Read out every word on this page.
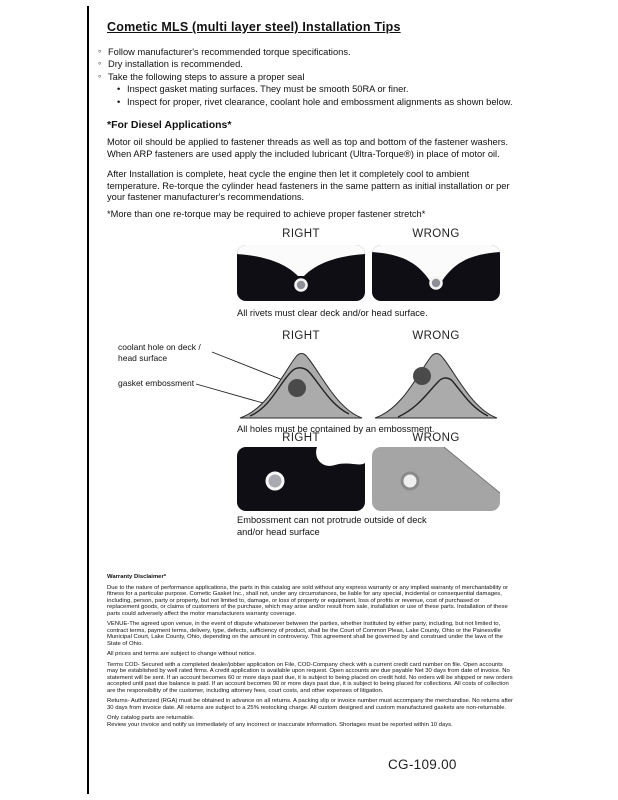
Cometic MLS (multi layer steel) Installation Tips
◦ Follow manufacturer's recommended torque specifications.
◦ Dry installation is recommended.
◦ Take the following steps to assure a proper seal
• Inspect gasket mating surfaces. They must be smooth 50RA or finer.
• Inspect for proper, rivet clearance, coolant hole and embossment alignments as shown below.
*For Diesel Applications*
Motor oil should be applied to fastener threads as well as top and bottom of the fastener washers. When ARP fasteners are used apply the included lubricant (Ultra-Torque®) in place of motor oil.
After Installation is complete, heat cycle the engine then let it completely cool to ambient temperature. Re-torque the cylinder head fasteners in the same pattern as initial installation or per your fastener manufacturer's recommendations.
*More than one re-torque may be required to achieve proper fastener stretch*
RIGHT	WRONG
All rivets must clear deck and/or head surface.
RIGHT	WRONG
coolant hole on deck / head surface
gasket embossment
All holes must be contained by an embossment.
RIGHT	WRONG
Embossment can not protrude outside of deck and/or head surface
Warranty Disclaimer*

Due to the nature of performance applications, the parts in this catalog are sold without any express warranty or any implied warranty of merchantability or fitness for a particular purpose. Cometic Gasket Inc., shall not, under any circumstances, be liable for any special, incidental or consequential damages, including, person, party or property, but not limited to, damage, or loss of property or equipment, loss of profits or revenue, cost of purchased or replacement goods, or claims of customers of the purchase, which may arise and/or result from sale, installation or use of these parts. Installation of these parts could adversely affect the motor manufacturers warranty coverage.

VENUE-The agreed upon venue, in the event of dispute whatsoever between the parties, whether instituted by either party, including, but not limited to, contract terms, payment terms, delivery, type, defects, sufficiency of product, shall be the Court of Common Pleas, Lake County, Ohio or the Painesville Municipal Court, Lake County, Ohio, depending on the amount in controversy. This agreement shall be governed by and construed under the laws of the State of Ohio.

All prices and terms are subject to change without notice.

Terms COD- Secured with a completed dealer/jobber application on File, COD-Company check with a current credit card number on file. Open accounts may be established by well rated firms. A credit application is available upon request. Open accounts are due payable Net 30 days from date of invoice. No statement will be sent. If an account becomes 60 or more days past due, it is subject to being placed on credit hold. No orders will be shipped or new orders accepted until past due balance is paid. If an account becomes 90 or more days past due, it is subject to being placed for collections. All costs of collection are the responsibility of the customer, including attorney fees, court costs, and other expenses of litigation.

Returns- Authorized (RGA) must be obtained in advance on all returns. A packing slip or invoice number must accompany the merchandise. No returns after 30 days from invoice date. All returns are subject to a 25% restocking charge. All custom designed and custom manufactured gaskets are non-returnable.

Only catalog parts are returnable.

Review your invoice and notify us immediately of any incorrect or inaccurate information. Shortages must be reported within 10 days.

CG-109.00
